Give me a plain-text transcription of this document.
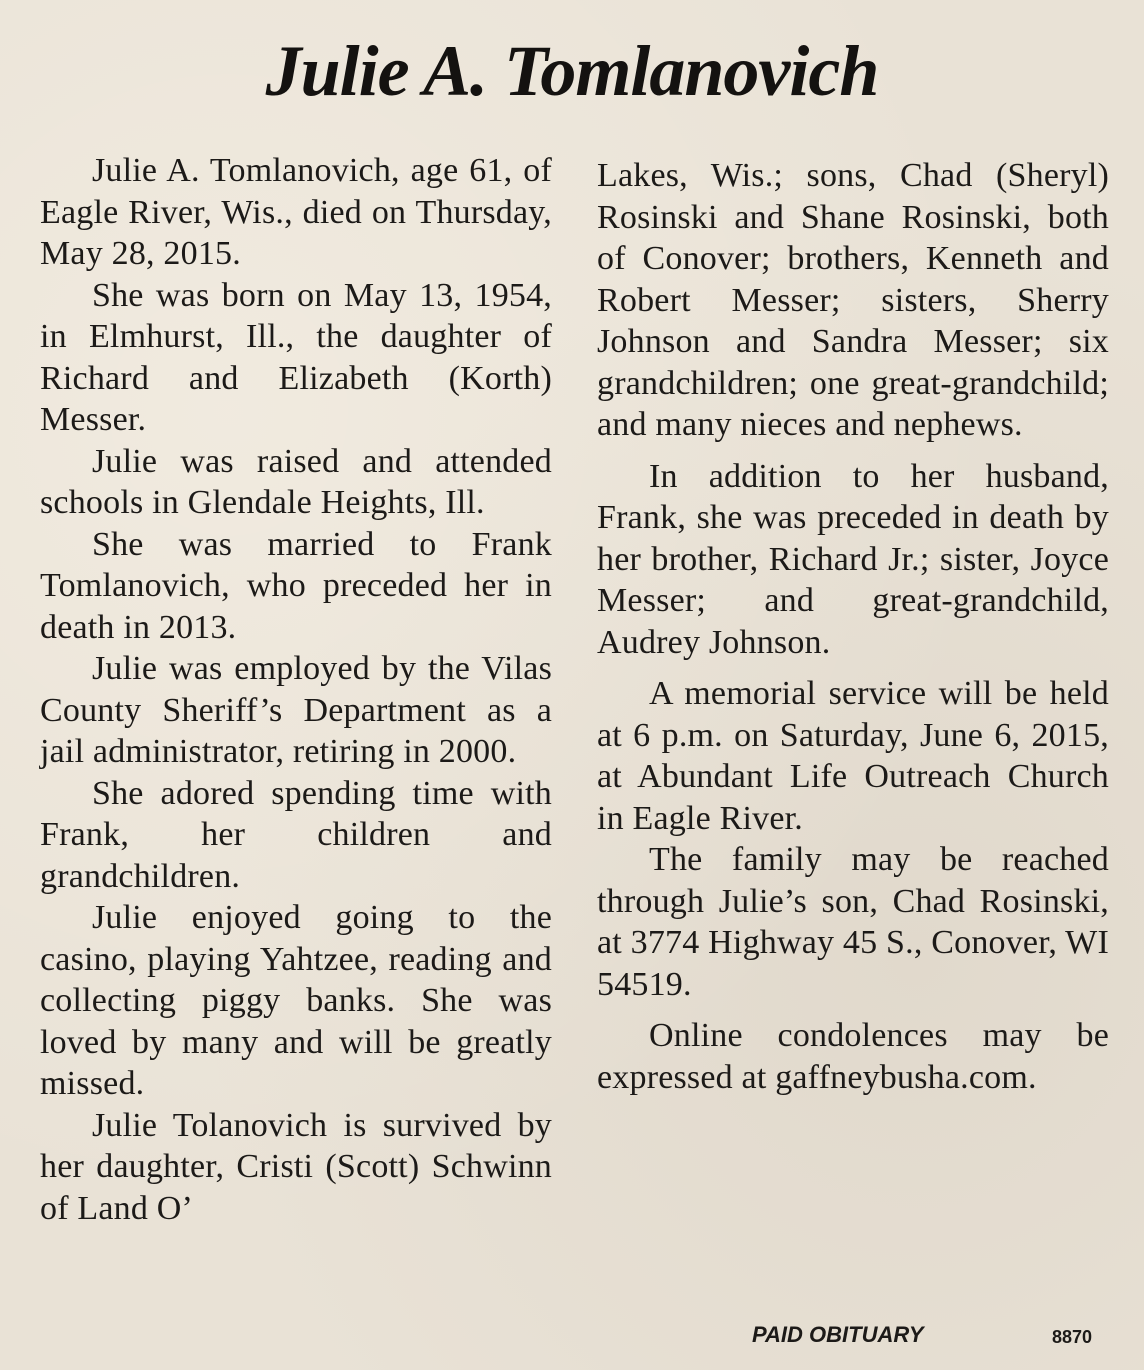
Julie A. Tomlanovich

Julie A. Tomlanovich, age 61, of Eagle River, Wis., died on Thursday, May 28, 2015.

She was born on May 13, 1954, in Elmhurst, Ill., the daughter of Richard and Elizabeth (Korth) Messer.

Julie was raised and attended schools in Glendale Heights, Ill.

She was married to Frank Tomlanovich, who preceded her in death in 2013.

Julie was employed by the Vilas County Sheriff’s Department as a jail administrator, retiring in 2000.

She adored spending time with Frank, her children and grandchildren.

Julie enjoyed going to the casino, playing Yahtzee, reading and collecting piggy banks. She was loved by many and will be greatly missed.

Julie Tolanovich is survived by her daughter, Cristi (Scott) Schwinn of Land O’

Lakes, Wis.; sons, Chad (Sheryl) Rosinski and Shane Rosinski, both of Conover; brothers, Kenneth and Robert Messer; sisters, Sherry Johnson and Sandra Messer; six grandchildren; one great-grandchild; and many nieces and nephews.

In addition to her husband, Frank, she was preceded in death by her brother, Richard Jr.; sister, Joyce Messer; and great-grandchild, Audrey Johnson.

A memorial service will be held at 6 p.m. on Saturday, June 6, 2015, at Abundant Life Outreach Church in Eagle River.

The family may be reached through Julie’s son, Chad Rosinski, at 3774 Highway 45 S., Conover, WI 54519.

Online condolences may be expressed at gaffneybusha.com.

PAID OBITUARY	8870
